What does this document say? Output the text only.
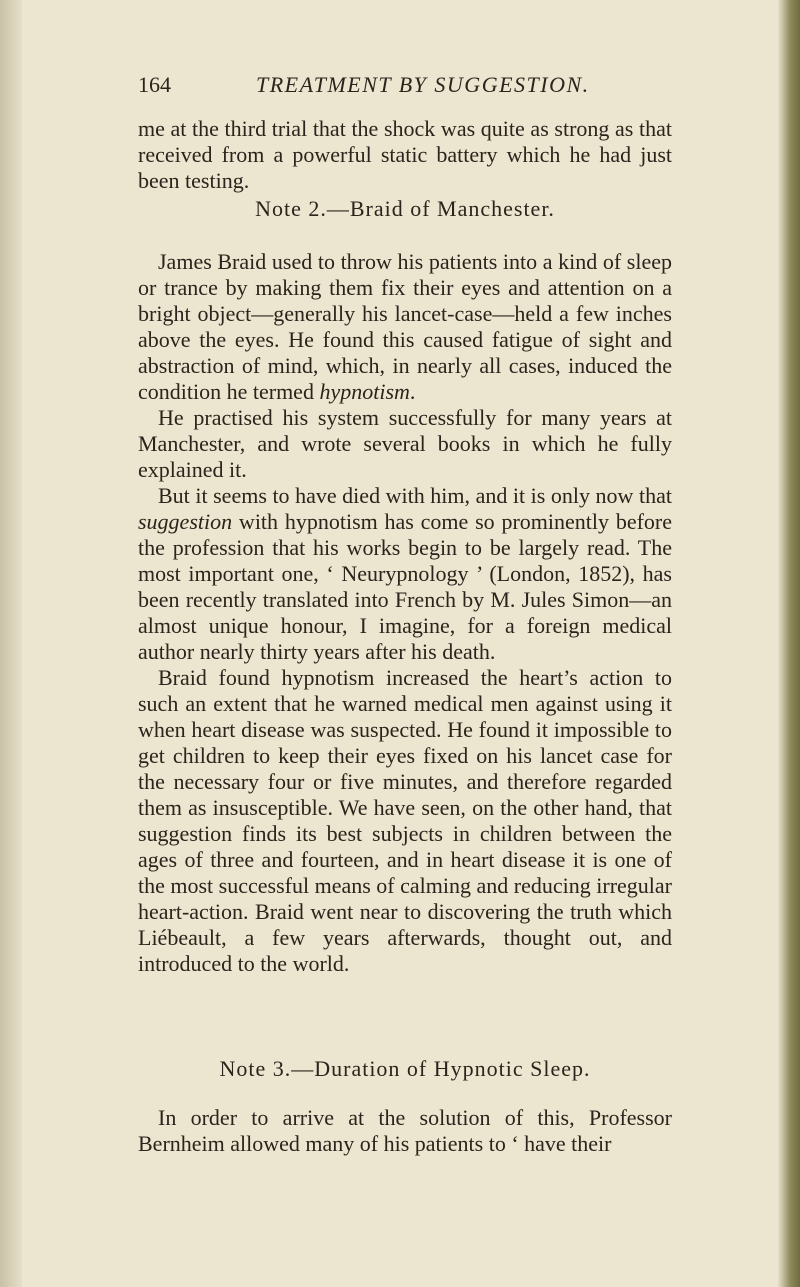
164	TREATMENT BY SUGGESTION.

me at the third trial that the shock was quite as strong as that received from a powerful static battery which he had just been testing.

Note 2.—Braid of Manchester.

James Braid used to throw his patients into a kind of sleep or trance by making them fix their eyes and attention on a bright object—generally his lancet-case—held a few inches above the eyes. He found this caused fatigue of sight and abstraction of mind, which, in nearly all cases, induced the condition he termed hypnotism.

He practised his system successfully for many years at Manchester, and wrote several books in which he fully explained it.

But it seems to have died with him, and it is only now that suggestion with hypnotism has come so prominently before the profession that his works begin to be largely read. The most important one, ‘ Neurypnology ’ (London, 1852), has been recently translated into French by M. Jules Simon—an almost unique honour, I imagine, for a foreign medical author nearly thirty years after his death.

Braid found hypnotism increased the heart’s action to such an extent that he warned medical men against using it when heart disease was suspected. He found it impossible to get children to keep their eyes fixed on his lancet case for the necessary four or five minutes, and therefore regarded them as insusceptible. We have seen, on the other hand, that suggestion finds its best subjects in children between the ages of three and fourteen, and in heart disease it is one of the most successful means of calming and reducing irregular heart-action. Braid went near to discovering the truth which Liébeault, a few years afterwards, thought out, and introduced to the world.

Note 3.—Duration of Hypnotic Sleep.

In order to arrive at the solution of this, Professor Bernheim allowed many of his patients to ‘ have their
